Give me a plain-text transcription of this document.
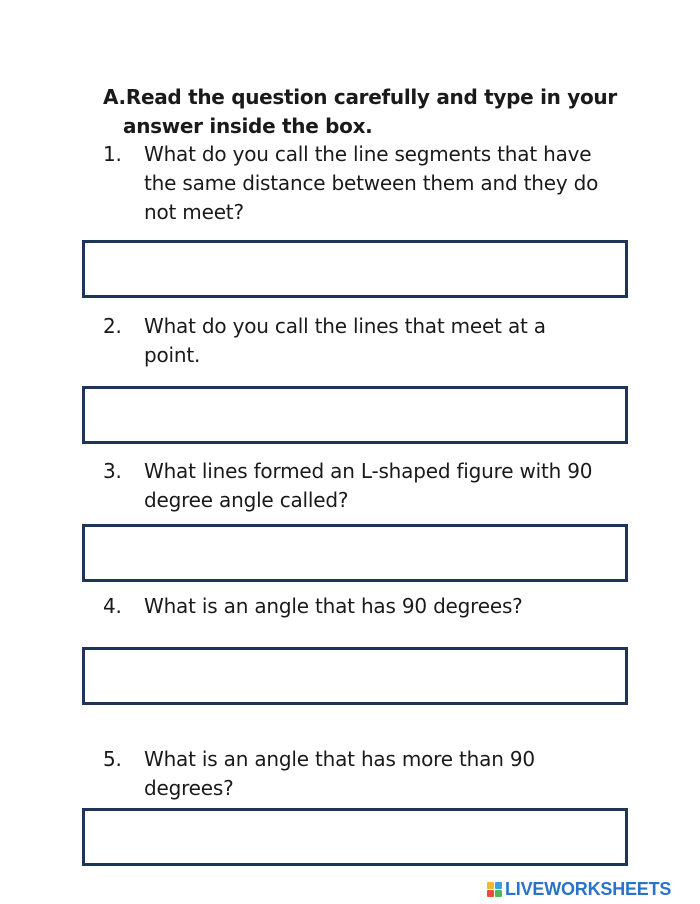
A.Read the question carefully and type in your
answer inside the box.
1.	What do you call the line segments that have the same distance between them and they do not meet?
2.	What do you call the lines that meet at a point.
3.	What lines formed an L-shaped figure with 90 degree angle called?
4.	What is an angle that has 90 degrees?
5.	What is an angle that has more than 90 degrees?
LIVEWORKSHEETS
